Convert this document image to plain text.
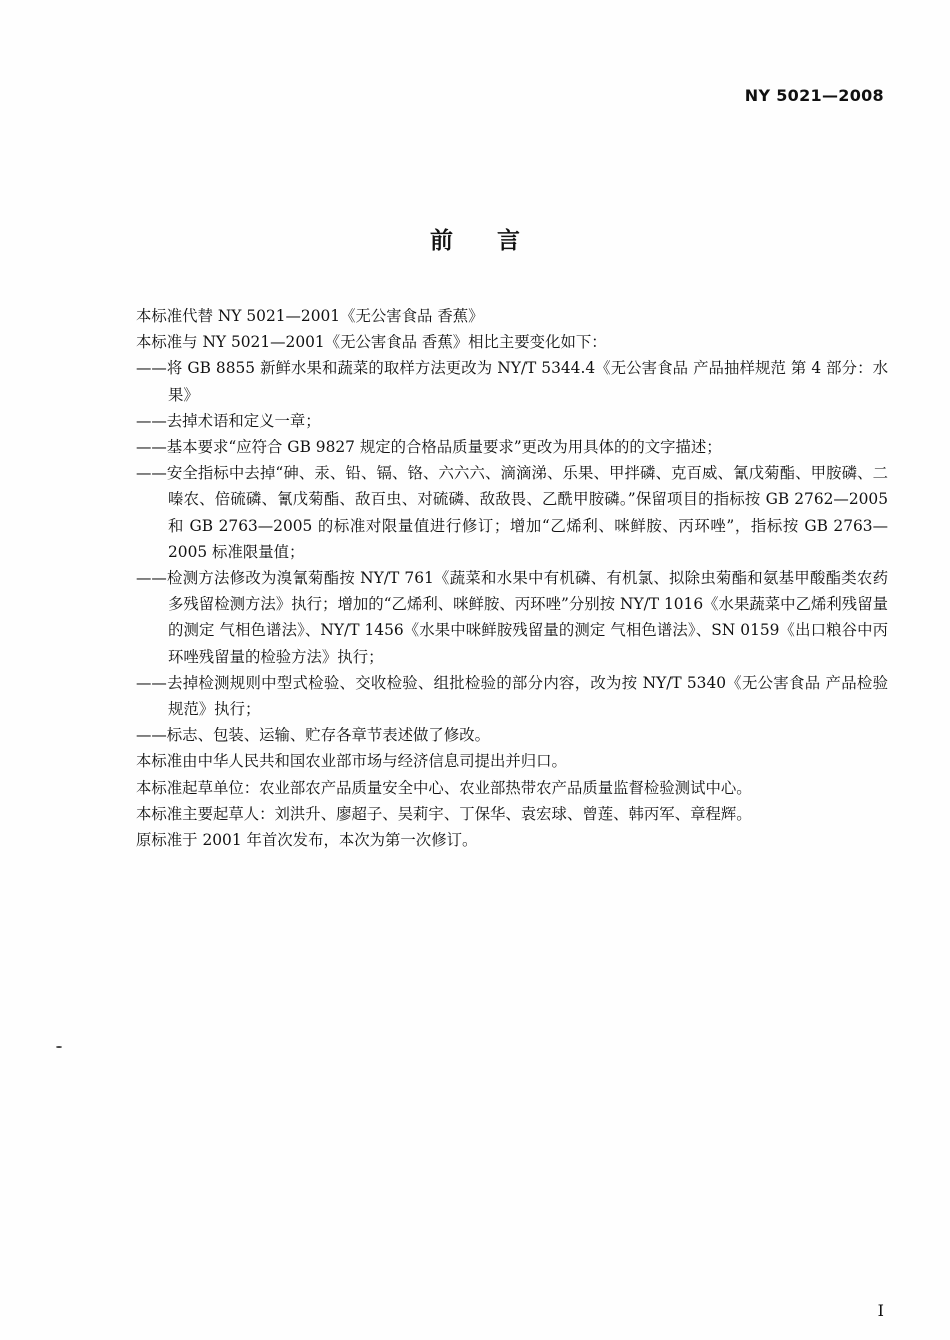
NY 5021—2008
前言

本标准代替 NY 5021—2001《无公害食品 香蕉》

本标准与 NY 5021—2001《无公害食品 香蕉》相比主要变化如下：

——将 GB 8855 新鲜水果和蔬菜的取样方法更改为 NY/T 5344.4《无公害食品 产品抽样规范 第 4 部分：水果》

——去掉术语和定义一章；

——基本要求“应符合 GB 9827 规定的合格品质量要求”更改为用具体的的文字描述；

——安全指标中去掉“砷、汞、铅、镉、铬、六六六、滴滴涕、乐果、甲拌磷、克百威、氰戊菊酯、甲胺磷、二嗪农、倍硫磷、氰戊菊酯、敌百虫、对硫磷、敌敌畏、乙酰甲胺磷。”保留项目的指标按 GB 2762—2005 和 GB 2763—2005 的标准对限量值进行修订；增加“乙烯利、咪鲜胺、丙环唑”，指标按 GB 2763—2005 标准限量值；

——检测方法修改为溴氰菊酯按 NY/T 761《蔬菜和水果中有机磷、有机氯、拟除虫菊酯和氨基甲酸酯类农药多残留检测方法》执行；增加的“乙烯利、咪鲜胺、丙环唑”分别按 NY/T 1016《水果蔬菜中乙烯利残留量的测定 气相色谱法》、NY/T 1456《水果中咪鲜胺残留量的测定 气相色谱法》、SN 0159《出口粮谷中丙环唑残留量的检验方法》执行；

——去掉检测规则中型式检验、交收检验、组批检验的部分内容，改为按 NY/T 5340《无公害食品 产品检验规范》执行；

——标志、包装、运输、贮存各章节表述做了修改。

本标准由中华人民共和国农业部市场与经济信息司提出并归口。

本标准起草单位：农业部农产品质量安全中心、农业部热带农产品质量监督检验测试中心。

本标准主要起草人：刘洪升、廖超子、吴莉宇、丁保华、袁宏球、曾莲、韩丙军、章程辉。

原标准于 2001 年首次发布，本次为第一次修订。

I
